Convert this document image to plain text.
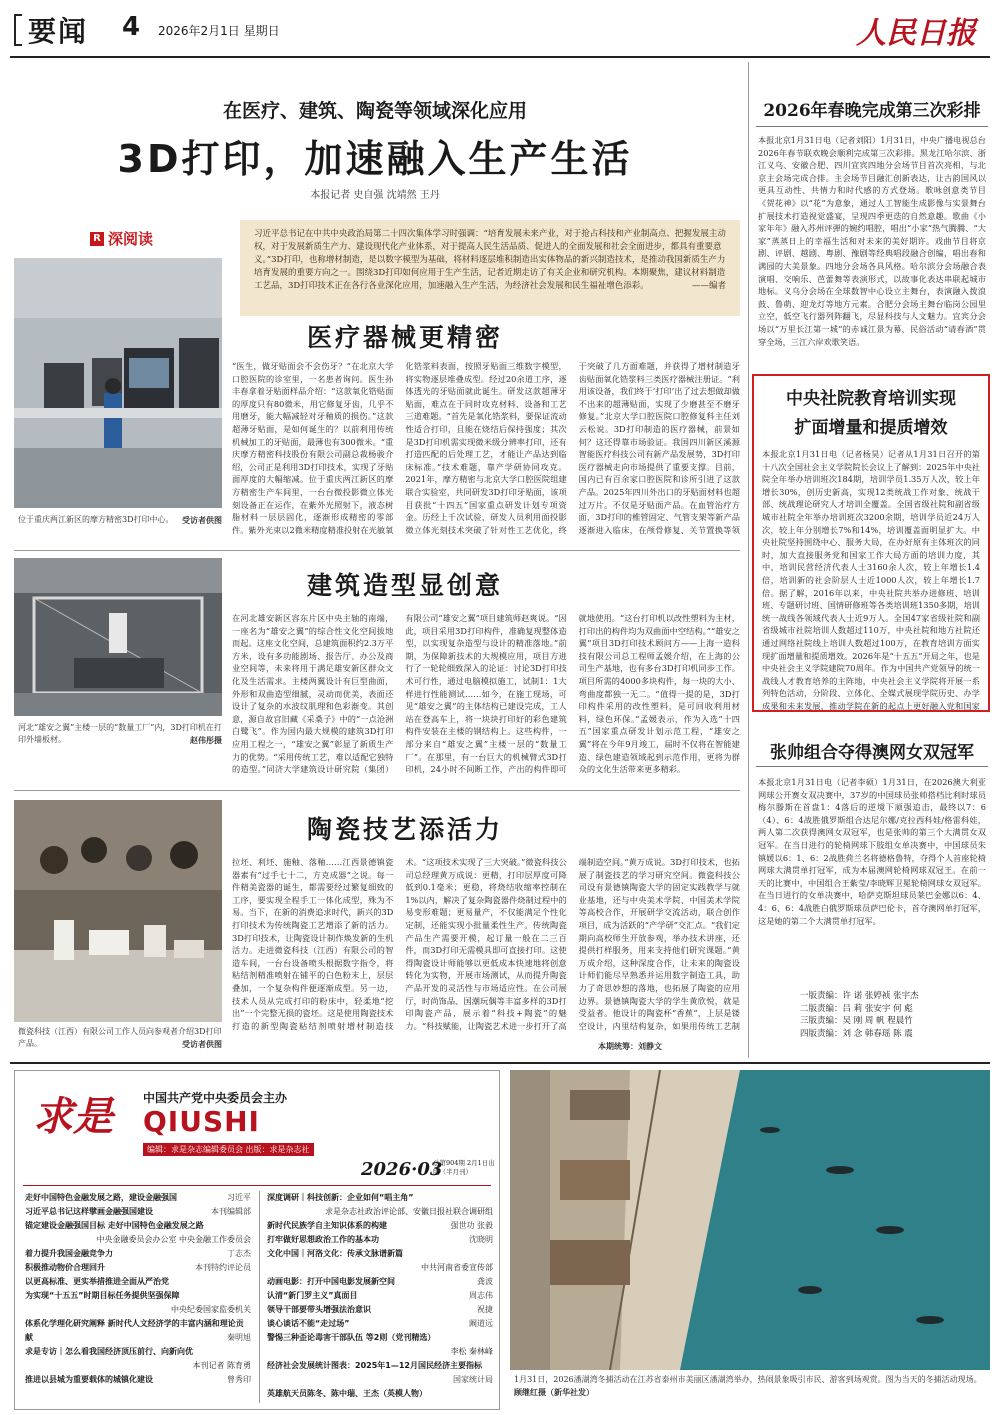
要闻 4 2026年2月1日 星期日	人民日报
在医疗、建筑、陶瓷等领域深化应用
3D打印，加速融入生产生活
本报记者 史自强 沈靖然 王丹
R 深阅读	习近平总书记在中共中央政治局第二十四次集体学习时强调：“培育发展未来产业，对于抢占科技和产业制高点、把握发展主动权，对于发展新质生产力、建设现代化产业体系，对于提高人民生活品质、促进人的全面发展和社会全面进步，都具有重要意义。”3D打印，也称增材制造，是以数字模型为基础，将材料逐层堆积制造出实体物品的新兴制造技术，是推动我国新质生产力培育发展的重要方向之一。围绕3D打印如何应用于生产生活，记者近期走访了有关企业和研究机构。本期聚焦，建议材料制造工艺品，3D打印技术正在各行各业深化应用，加速融入生产生活，为经济社会发展和民生福祉增色添彩。	——编者
位于重庆两江新区的摩方精密3D打印中心。 受访者供图
医疗器械更精密
“医生，做牙贴面会不会伤牙？”在北京大学口腔医院的诊室里，一名患者询问。医生孙丰春拿着牙贴面样品介绍：“这款氧化锆贴面的厚度只有80微米，用它修复牙齿，几乎不用磨牙，能大幅减轻对牙釉质的损伤。”这款超薄牙贴面，是如何诞生的？以前利用传统机械加工的牙贴面，最薄也有300微米。“重庆摩方精密科技股份有限公司副总裁杨骏介绍，公司正是利用3D打印技术，实现了牙贴面厚度的大幅缩减。位于重庆两江新区的摩方精密生产车间里，一台台微投影微立体光刻设备正在运作，在紫外光照射下，液态树脂材料一层层固化，逐渐形成精密的零部件。紫外光束以2微米精度精准投射在光敏氧化锆浆料表面，按照牙贴面三维数字模型，将实物逐层堆叠成型。经过20余道工序，逐体透光的牙贴面就此诞生。研发这款超薄牙贴面，难点在于同时攻克材料、设备和工艺三道难题。“首先是氧化锆浆料，要保证流动性适合打印，且能在烧结后保持强度；其次是3D打印机需实现微米级分辨率打印，还有打造匹配的后处理工艺，才能让产品达到临床标准。”技术难题，靠产学研协同攻克。2021年，摩方精密与北京大学口腔医院组建联合实验室，共同研发3D打印牙贴面，该项目获批“十四五”国家重点研发计划专项资金。历经上千次试验，研发人员利用面投影微立体光刻技术突破了针对性工艺优化，终于突破了几方面难题，并获得了增材制造牙齿贴面氧化锆浆料三类医疗器械注册证。“利用该设备，我们终于‘打印’出了过去想做却做不出来的超薄贴面，实现了少磨甚至不磨牙修复。”北京大学口腔医院口腔修复科主任刘云松说。3D打印制造的医疗器械，前景如何？这还得靠市场验证。我国四川新区溪源智能医疗科技公司有新产品发展势，3D打印医疗器械走向市场提供了重要支撑。目前，国内已有百余家口腔医院和诊所引进了这款产品。2025年四川外出口的牙贴面材料也超过万片。不仅是牙贴面产品。在血管治疗方面，3D打印的椎管固定、气管支架等新产品逐渐进入临床，在颅骨修复、关节置换等领
河北“雄安之翼”主楼一层的“数量工厂”内，3D打印机在打印外墙板材。	赵伟彤摄
建筑造型显创意
在河北雄安新区容东片区中央主轴的南端，一座名为“雄安之翼”的综合性文化空间拔地而起。这座文化空间，总建筑面积约2.3万平方米，设有多功能剧场、报告厅、办公及商业空间等，未来将用于满足雄安新区群众文化及生活需求。主楼两翼设计有巨型曲面，外形和双曲造型细腻，灵动而优美，表面还设计了复杂的水波纹肌理和色彩渐变。其创意，源自故宫旧藏《采桑子》中的“一点沧洲白鹭飞”。作为国内最大规模的建筑3D打印应用工程之一，“雄安之翼”彰显了新质生产力的优势。“采用传统工艺，难以适配它独特的造型。”同济大学建筑设计研究院（集团）有限公司“雄安之翼”项目建筑师赵爽说。“因此，项目采用3D打印构件，准确复现整体造型，以实现复杂造型与设计的精准落地。”前期，为保障新技术的大规模应用，项目方进行了一轮轮细致深入的论证：讨论3D打印技术可行性，通过电脑模拟施工，试制1：1大样进行性能测试……如今，在施工现场，可见“雄安之翼”的主体结构已建设完成，工人站在登高车上，将一块块打印好的彩色建筑构件安装在主楼的钢结构上。这些构件，一部分来自“雄安之翼”主楼一层的“数量工厂”。在那里，有一台巨大的机械臂式3D打印机，24小时不间断工作，产出的构件即可就地使用。“这台打印机以改性塑料为主材，打印出的构件均为双曲面中空结构。”“雄安之翼”项目3D打印技术顾问方——上海一造科技有限公司总工程师孟媛介绍，在上海的公司生产基地，也有多台3D打印机同步工作。项目所需的4000多块构件，每一块的大小、弯曲度都独一无二。“值得一提的是，3D打印构件采用的改性塑料，是可回收利用材料，绿色环保。”孟媛表示，作为入选“十四五”国家重点研发计划示范工程，“雄安之翼”将在今年9月竣工，届时不仅将在智能建造、绿色建造领域起到示范作用，更将为群众的文化生活带来更多精彩。
微瓷科技（江西）有限公司工作人员向参观者介绍3D打印产品。	受访者供图
陶瓷技艺添活力
拉坯、利坯、施釉、落釉……江西景德镇瓷器素有“过手七十二，方克成器”之说。每一件精美瓷器的诞生，都需要经过繁复细致的工序，要实现全程手工一体化成型，殊为不易。当下，在新的消费追求时代，新兴的3D打印技术为传统陶瓷工艺增添了新的活力。3D打印技术，让陶瓷设计制作焕发新的生机活力。走进微瓷科技（江西）有限公司的智造车间，一台台设备喷头根据数字指令，将粘结剂精准喷射在铺平的白色粉末上，层层叠加，一个复杂构件便逐渐成型。另一边，技术人员从完成打印的粉床中，轻柔地“挖出”一个完整无损的瓷坯。这是使用陶瓷技术打造的新型陶瓷粘结剂喷射增材制造技术。“这项技术实现了三大突破。”微瓷科技公司总经理黄万成说：更精，打印层厚度可降低到0.1毫米；更稳，将烧结收缩率控制在1%以内，解决了复杂陶瓷器件烧制过程中的易变形难题；更易量产，不仅能满足个性化定制，还能实现小批量柔性生产。传统陶瓷产品生产需要开模，起订量一般在二三百件，而3D打印无需模具即可直接打印。这使得陶瓷设计师能够以更低成本快速地将创意转化为实物，开展市场测试，从而提升陶瓷产品开发的灵活性与市场适应性。在公司展厅，时尚饰品、国潮玩偶等丰富多样的3D打印陶瓷产品，展示着“科技+陶瓷”的魅力。“科技赋能，让陶瓷艺术进一步打开了高端制造空间。”黄万成说。3D打印技术，也拓展了制瓷技艺的学习研究空间。微瓷科技公司设有景德镇陶瓷大学的固定实践教学与就业基地，还与中央美术学院、中国美术学院等高校合作，开展研学交流活动，联合创作项目，成为活跃的“产学研”交汇点。“我们定期向高校师生开放参观，举办技术讲座，还提供打样服务，用来支持他们研究课题。”黄万成介绍，这种深度合作，让未来的陶瓷设计师们能尽早熟悉并运用数字制造工具，助力了奇思妙想的落地，也拓展了陶瓷的应用边界。景德镇陶瓷大学的学生黄欣悦，就是受益者。他设计的陶瓷杯“香蕉”，上层是镂空设计，内里结构复杂，如果用传统工艺制
本期统筹：刘静文
2026年春晚完成第三次彩排
本报北京1月31日电（记者刘阳）1月31日，中央广播电视总台2026年春节联欢晚会顺利完成第三次彩排。黑龙江哈尔滨、浙江义乌、安徽合肥、四川宜宾四地分会场节目首次亮相，与北京主会场完成合排。主会场节目融汇创新表达，让古韵国风以更具互动性、共情力和时代感的方式登场。歌咏创意类节目《贺花神》以“花”为意象，通过人工智能生成影像与实景舞台扩展技术打造视觉盛宴，呈现四季更迭的自然意趣。歌曲《小家年年》融入苏州评弹的婉约唱腔，唱出“小家”热气腾腾、“大家”蒸蒸日上的幸福生活和对未来的美好期许。戏曲节目将京剧、评剧、越剧、粤剧、豫剧等经典唱段融合创编，唱出春和满园的大美景象。四地分会场各具风格。哈尔滨分会场融合表演唱、交响乐、芭蕾舞等表演形式，以故事化表达串联起城市地标。义乌分会场在全球数智中心设立主舞台，表演融入拨浪鼓、鲁萌、迎龙灯等地方元素。合肥分会场主舞台临岗公园里立空，低空飞行器列阵翻飞，尽显科技与人文魅力。宜宾分会场以“万里长江第一城”的赤诚江景为幕，民俗活动“请春酒”贯穿全场，三江六岸欢歌笑语。
中央社院教育培训实现
扩面增量和提质增效
本报北京1月31日电（记者杨昊）记者从1月31日召开的第十八次全国社会主义学院院长会议上了解到：2025年中央社院全年举办培训班次184期，培训学员1.35万人次，较上年增长30%，创历史新高，实现12类统战工作对象、统战干部、统战理论研究人才培训全覆盖。全国省级社院和副省级城市社院全年举办培训班次3200余期，培训学员近24万人次，较上年分别增长7%和14%，培训覆盖面明显扩大。中央社院坚持围绕中心、服务大局，在办好原有主体班次的同时，加大直接服务党和国家工作大局方面的培训力度，其中，培训民营经济代表人士3160余人次，较上年增长1.4倍，培训新的社会阶层人士近1000人次，较上年增长1.7倍。据了解，2016年以来，中央社院共举办进修班、培训班、专题研讨班、国情研修班等各类培训班1350多期，培训统一战线各领域代表人士近9万人。全国47家省级社院和副省级城市社院培训人数超过110万，中央社院和地方社院还通过网络社院线上培训人数超过100万，在教育培训方面实现扩面增量和提质增效。2026年是“十五五”开局之年，也是中央社会主义学院建院70周年。作为中国共产党领导的统一战线人才教育培养的主阵地，中央社会主义学院将开展一系列特色活动，分阶段、立体化、全媒式展现学院历史、办学成果和未来发展，推动学院在新的起点上更好融入党和国家
张帅组合夺得澳网女双冠军
本报北京1月31日电（记者李硕）1月31日，在2026澳大利亚网球公开赛女双决赛中，37岁的中国球员张帅搭档比利时球员梅尔滕斯在首盘1：4落后的逆境下顽强追击，最终以7：6（4）、6：4战胜俄罗斯组合达尼尔娜/克拉西科娃/格雷科娃，两人第二次获得澳网女双冠军，也是张帅的第三个大满贯女双冠军。在当日进行的轮椅网球下肢组女单决赛中，中国球员朱镇媛以6：1、6：2战胜荷兰名将德格鲁特，夺得个人首座轮椅网球大满贯单打冠军，成为本届澳网轮椅网球双冠王。在前一天的比赛中，中国组合王紫莹/李晓辉卫冕轮椅网球女双冠军。在当日进行的女单决赛中，哈萨克斯坦球员莱巴金娜以6：4、4：6、6：4战胜白俄罗斯球员萨巴伦卡，首夺澳网单打冠军，这是她的第二个大满贯单打冠军。
一版责编：许 诺 张婷祯 张宇杰
二版责编：吕 莉 张安宇 何 彪
三版责编：吴 刚 周 帆 程晨竹
四版责编：刘 念 韩春瑶 陈 震
求是	中国共产党中央委员会主办
QIUSHI
编辑：求是杂志编辑委员会 出版：求是杂志社
2026·03
总第904期 2月1日出版（半月刊）
走好中国特色金融发展之路，建设金融强国	习近平
习近平总书记这样擘画金融强国建设	本刊编辑部
锚定建设金融强国目标 走好中国特色金融发展之路
中央金融委员会办公室 中央金融工作委员会
着力提升我国金融竞争力	丁志杰
积极推动物价合理回升	本刊特约评论员
以更高标准、更实举措推进全面从严治党
为实现“十五五”时期目标任务提供坚强保障
中央纪委国家监委机关
体系化学理化研究阐释 新时代人文经济学的丰富内涵和理论贡献	秦明旭
求是专访｜怎么看我国经济顶压前行、向新向优
本刊记者 陈育勇
推进以县城为重要载体的城镇化建设	曾秀印
深度调研｜科技创新：企业如何“唱主角”
求是杂志社政治评论部、安徽日报社联合调研组
新时代民族学自主知识体系的构建	强世功 张毅
打牢做好思想政治工作的基本功	沈晓明
文化中国｜河洛文化：传承文脉谱新篇
中共河南省委宣传部
动画电影：打开中国电影发展新空间	龚波
认清“新门罗主义”真面目	周志伟
领导干部要带头增强法治意识	祝捷
谈心谈话不能“走过场”	阚道远
警惕三种歪论毒害干部队伍 等2则（党刊精选）
李松 秦林峰
经济社会发展统计图表：2025年1—12月国民经济主要指标
国家统计局
英雄航天员陈冬、陈中瑞、王杰（英模人物）
1月31日，2026潘湖湾冬捕活动在江苏省泰州市美丽区潘湖湾举办，热闹景象吸引市民、游客到场观赏。图为当天的冬捕活动现场。 顾继红摄（新华社发）
